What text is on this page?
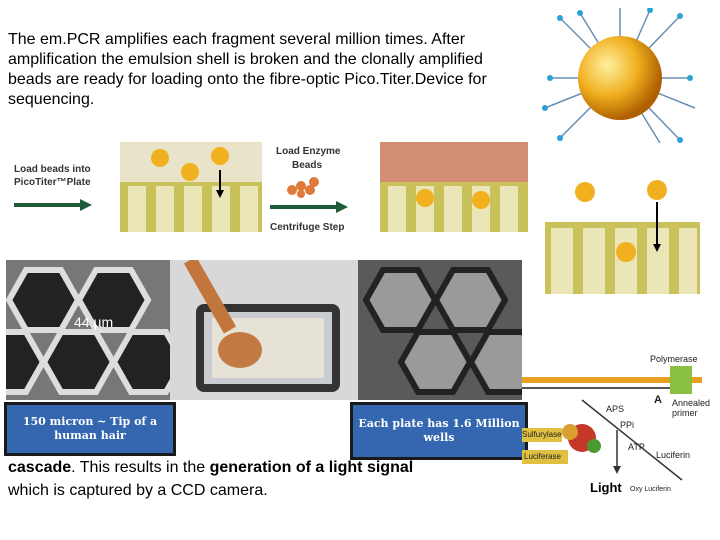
The em.PCR amplifies each fragment several million times. After amplification the emulsion shell is broken and the clonally amplified beads are ready for loading onto the fibre-optic Pico.Titer.Device for sequencing.
Load beads into
PicoTiter™Plate
Load Enzyme
Beads
Centrifuge Step
44 µm
150 micron ~ Tip of a human hair
Each plate has 1.6 Million wells
Polymerase
APS
A Annealed primer
PPi
Sulfurylase
ATP
Luciferase	Luciferin
Light Oxy Luciferin
cascade. This results in the generation of a light signal which is captured by a CCD camera.
